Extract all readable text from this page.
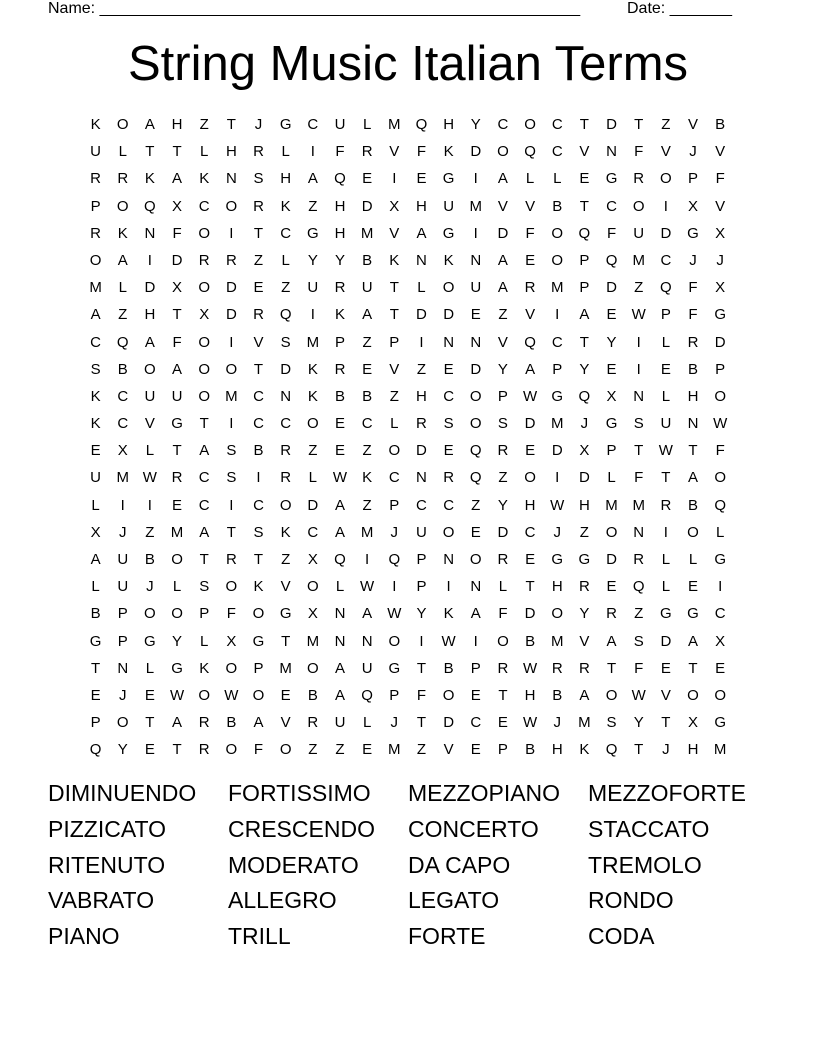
Name: ______________________________________________________	Date: _______
String Music Italian Terms
K	O	A	H	Z	T	J	G	C	U	L	M	Q	H	Y	C	O	C	T	D	T	Z	V	B
U	L	T	T	L	H	R	L	I	F	R	V	F	K	D	O	Q	C	V	N	F	V	J	V
R	R	K	A	K	N	S	H	A	Q	E	I	E	G	I	A	L	L	E	G	R	O	P	F
P	O	Q	X	C	O	R	K	Z	H	D	X	H	U	M	V	V	B	T	C	O	I	X	V
R	K	N	F	O	I	T	C	G	H	M	V	A	G	I	D	F	O	Q	F	U	D	G	X
O	A	I	D	R	R	Z	L	Y	Y	B	K	N	K	N	A	E	O	P	Q	M	C	J	J
M	L	D	X	O	D	E	Z	U	R	U	T	L	O	U	A	R	M	P	D	Z	Q	F	X
A	Z	H	T	X	D	R	Q	I	K	A	T	D	D	E	Z	V	I	A	E	W	P	F	G
C	Q	A	F	O	I	V	S	M	P	Z	P	I	N	N	V	Q	C	T	Y	I	L	R	D
S	B	O	A	O	O	T	D	K	R	E	V	Z	E	D	Y	A	P	Y	E	I	E	B	P
K	C	U	U	O	M	C	N	K	B	B	Z	H	C	O	P	W G	Q	X	N	L	H	O
K	C	V	G	T	I	C	C	O	E	C	L	R	S	O	S	D	M	J	G	S	U	N W
E	X	L	T	A	S	B	R	Z	E	Z	O	D	E	Q	R	E	D	X	P	T	W	T	F
U	M W R	C	S	I	R	L	W	K	C	N	R	Q	Z	O	I	D	L	F	T	A	O
L	I	I	E	C	I	C	O	D	A	Z	P	C	C	Z	Y	H W H	M M	R	B	Q
X	J	Z	M	A	T	S	K	C	A	M	J	U	O	E	D	C	J	Z	O	N	I	O	L
A	U	B	O	T	R	T	Z	X	Q	I	Q	P	N	O	R	E	G	G	D	R	L	L	G
L	U	J	L	S	O	K	V	O	L	W	I	P	I	N	L	T	H	R	E	Q	L	E	I
B	P	O	O	P	F	O	G	X	N	A	W	Y	K	A	F	D	O	Y	R	Z	G	G	C
G	P	G	Y	L	X	G	T	M	N	N	O	I	W	I	O	B	M	V	A	S	D	A	X
T	N	L	G	K	O	P	M	O	A	U	G	T	B	P	R W R	R	T	F	E	T	E
E	J	E	W O W O	E	B	A	Q	P	F	O	E	T	H	B	A	O W	V	O	O
P	O	T	A	R	B	A	V	R	U	L	J	T	D	C	E	W	J	M	S	Y	T	X	G
Q	Y	E	T	R	O	F	O	Z	Z	E	M	Z	V	E	P	B	H	K	Q	T	J	H	M
DIMINUENDO	FORTISSIMO	MEZZOPIANO	MEZZOFORTE
PIZZICATO	CRESCENDO	CONCERTO	STACCATO
RITENUTO	MODERATO	DA CAPO	TREMOLO
VABRATO	ALLEGRO	LEGATO	RONDO
PIANO	TRILL	FORTE	CODA
